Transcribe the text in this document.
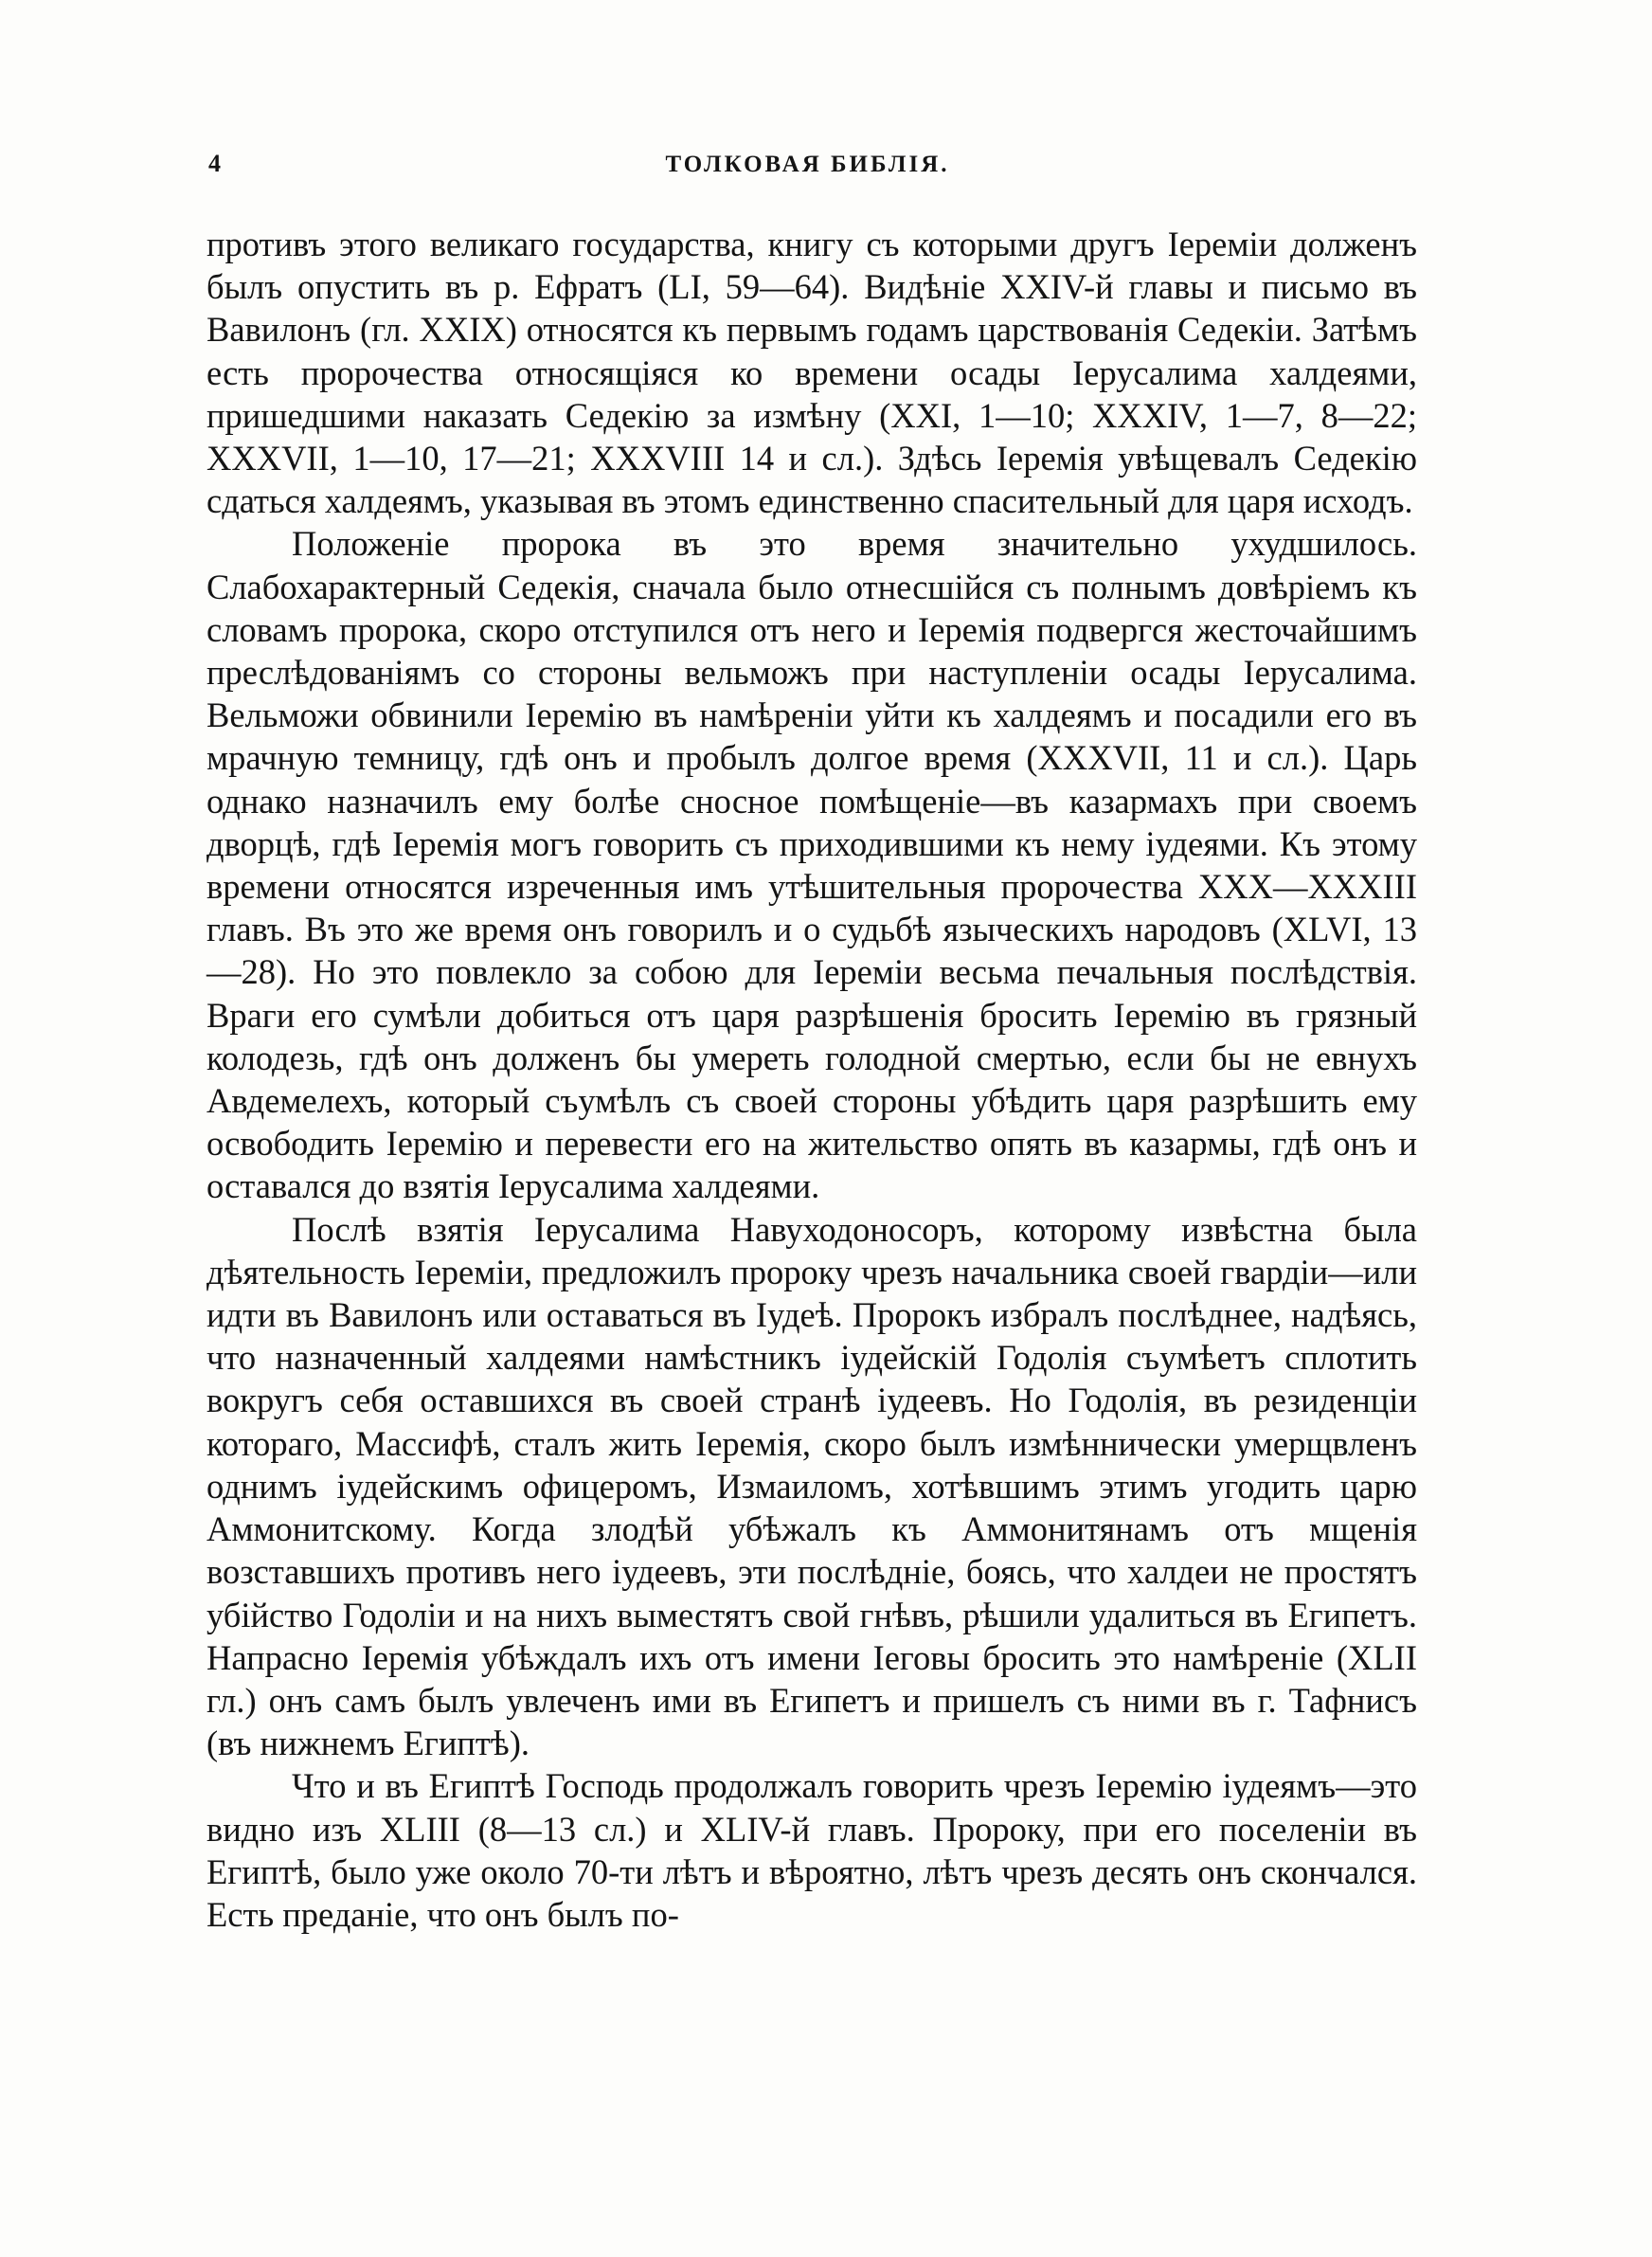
4	ТОЛКОВАЯ БИБЛІЯ.

противъ этого великаго государства, книгу съ которыми другъ Іереміи долженъ былъ опустить въ р. Ефратъ (LI, 59—64). Видѣніе XXIV-й главы и письмо въ Вавилонъ (гл. XXIX) относятся къ первымъ годамъ царствованія Седекіи. Затѣмъ есть пророчества относящіяся ко времени осады Іерусалима халдеями, пришедшими наказать Седекію за измѣну (XXI, 1—10; XXXIV, 1—7, 8—22; XXXVII, 1—10, 17—21; XXXVIII 14 и сл.). Здѣсь Іеремія увѣщевалъ Седекію сдаться халдеямъ, указывая въ этомъ единственно спасительный для царя исходъ.

Положеніе пророка въ это время значительно ухудшилось. Слабохарактерный Седекія, сначала было отнесшійся съ полнымъ довѣріемъ къ словамъ пророка, скоро отступился отъ него и Іеремія подвергся жесточайшимъ преслѣдованіямъ со стороны вельможъ при наступленіи осады Іерусалима. Вельможи обвинили Іеремію въ намѣреніи уйти къ халдеямъ и посадили его въ мрачную темницу, гдѣ онъ и пробылъ долгое время (XXXVII, 11 и сл.). Царь однако назначилъ ему болѣе сносное помѣщеніе—въ казармахъ при своемъ дворцѣ, гдѣ Іеремія могъ говорить съ приходившими къ нему іудеями. Къ этому времени относятся изреченныя имъ утѣшительныя пророчества XXX—XXXIII главъ. Въ это же время онъ говорилъ и о судьбѣ языческихъ народовъ (XLVI, 13—28). Но это повлекло за собою для Іереміи весьма печальныя послѣдствія. Враги его сумѣли добиться отъ царя разрѣшенія бросить Іеремію въ грязный колодезь, гдѣ онъ долженъ бы умереть голодной смертью, если бы не евнухъ Авдемелехъ, который съумѣлъ съ своей стороны убѣдить царя разрѣшить ему освободить Іеремію и перевести его на жительство опять въ казармы, гдѣ онъ и оставался до взятія Іерусалима халдеями.

Послѣ взятія Іерусалима Навуходоносоръ, которому извѣстна была дѣятельность Іереміи, предложилъ пророку чрезъ начальника своей гвардіи—или идти въ Вавилонъ или оставаться въ Іудеѣ. Пророкъ избралъ послѣднее, надѣясь, что назначенный халдеями намѣстникъ іудейскій Годолія съумѣетъ сплотить вокругъ себя оставшихся въ своей странѣ іудеевъ. Но Годолія, въ резиденціи котораго, Массифѣ, сталъ жить Іеремія, скоро былъ измѣннически умерщвленъ однимъ іудейскимъ офицеромъ, Измаиломъ, хотѣвшимъ этимъ угодить царю Аммонитскому. Когда злодѣй убѣжалъ къ Аммонитянамъ отъ мщенія возставшихъ противъ него іудеевъ, эти послѣдніе, боясь, что халдеи не простятъ убійство Годоліи и на нихъ выместятъ свой гнѣвъ, рѣшили удалиться въ Египетъ. Напрасно Іеремія убѣждалъ ихъ отъ имени Іеговы бросить это намѣреніе (XLII гл.) онъ самъ былъ увлеченъ ими въ Египетъ и пришелъ съ ними въ г. Тафнисъ (въ нижнемъ Египтѣ).

Что и въ Египтѣ Господь продолжалъ говорить чрезъ Іеремію іудеямъ—это видно изъ XLIII (8—13 сл.) и XLIV-й главъ. Пророку, при его поселеніи въ Египтѣ, было уже около 70-ти лѣтъ и вѣроятно, лѣтъ чрезъ десять онъ скончался. Есть преданіе, что онъ былъ по-
